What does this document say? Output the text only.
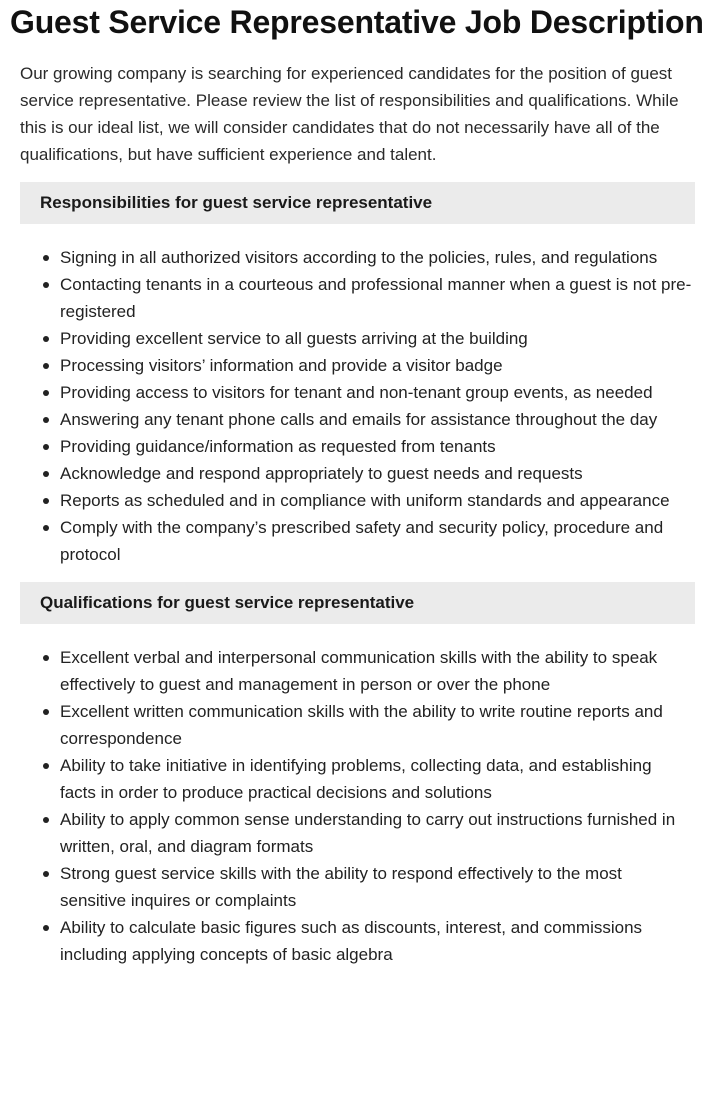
Guest Service Representative Job Description

Our growing company is searching for experienced candidates for the position of guest service representative. Please review the list of responsibilities and qualifications. While this is our ideal list, we will consider candidates that do not necessarily have all of the qualifications, but have sufficient experience and talent.

Responsibilities for guest service representative
Signing in all authorized visitors according to the policies, rules, and regulations
Contacting tenants in a courteous and professional manner when a guest is not pre-registered
Providing excellent service to all guests arriving at the building
Processing visitors’ information and provide a visitor badge
Providing access to visitors for tenant and non-tenant group events, as needed
Answering any tenant phone calls and emails for assistance throughout the day
Providing guidance/information as requested from tenants
Acknowledge and respond appropriately to guest needs and requests
Reports as scheduled and in compliance with uniform standards and appearance
Comply with the company’s prescribed safety and security policy, procedure and protocol
Qualifications for guest service representative
Excellent verbal and interpersonal communication skills with the ability to speak effectively to guest and management in person or over the phone
Excellent written communication skills with the ability to write routine reports and correspondence
Ability to take initiative in identifying problems, collecting data, and establishing facts in order to produce practical decisions and solutions
Ability to apply common sense understanding to carry out instructions furnished in written, oral, and diagram formats
Strong guest service skills with the ability to respond effectively to the most sensitive inquires or complaints
Ability to calculate basic figures such as discounts, interest, and commissions including applying concepts of basic algebra
